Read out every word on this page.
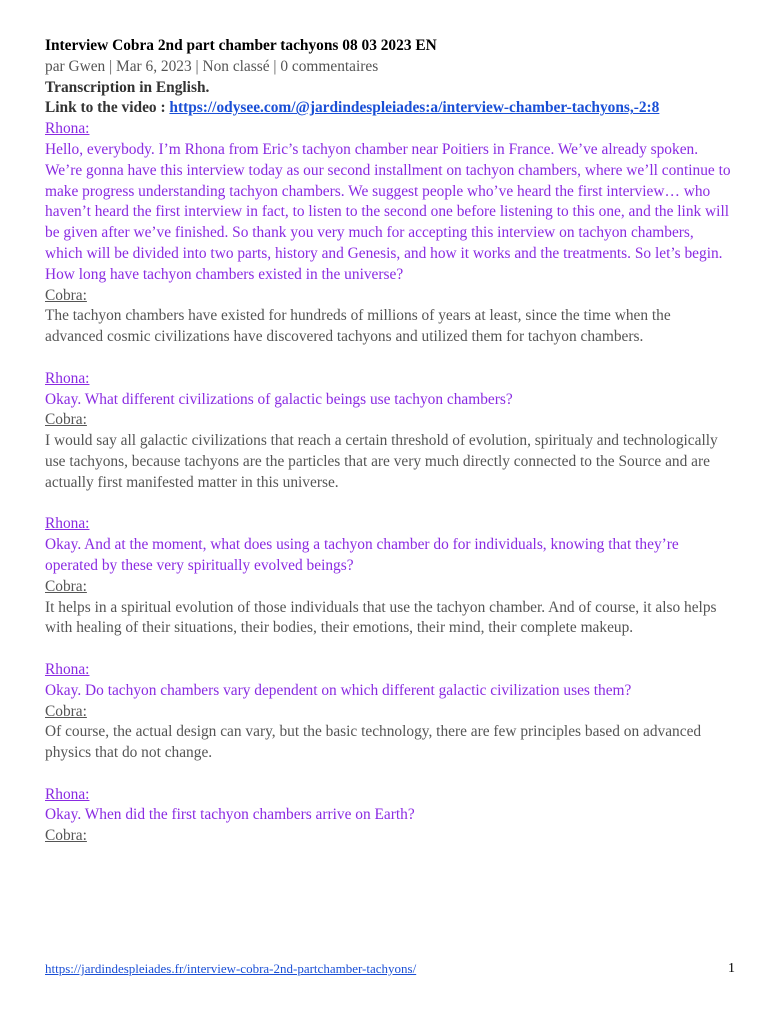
Interview Cobra 2nd part chamber tachyons 08 03 2023 EN

par Gwen | Mar 6, 2023 | Non classé | 0 commentaires

Transcription in English.

Link to the video : https://odysee.com/@jardindespleiades:a/interview-chamber-tachyons,-2:8

Rhona:

Hello, everybody. I’m Rhona from Eric’s tachyon chamber near Poitiers in France. We’ve already spoken. We’re gonna have this interview today as our second installment on tachyon chambers, where we’ll continue to make progress understanding tachyon chambers. We suggest people who’ve heard the first interview… who haven’t heard the first interview in fact, to listen to the second one before listening to this one, and the link will be given after we’ve finished. So thank you very much for accepting this interview on tachyon chambers, which will be divided into two parts, history and Genesis, and how it works and the treatments. So let’s begin. How long have tachyon chambers existed in the universe?

Cobra:

The tachyon chambers have existed for hundreds of millions of years at least, since the time when the advanced cosmic civilizations have discovered tachyons and utilized them for tachyon chambers.

Rhona:

Okay. What different civilizations of galactic beings use tachyon chambers?

Cobra:

I would say all galactic civilizations that reach a certain threshold of evolution, spiritualy and technologically use tachyons, because tachyons are the particles that are very much directly connected to the Source and are actually first manifested matter in this universe.

Rhona:

Okay. And at the moment, what does using a tachyon chamber do for individuals, knowing that they’re operated by these very spiritually evolved beings?

Cobra:

It helps in a spiritual evolution of those individuals that use the tachyon chamber. And of course, it also helps with healing of their situations, their bodies, their emotions, their mind, their complete makeup.

Rhona:

Okay. Do tachyon chambers vary dependent on which different galactic civilization uses them?

Cobra:

Of course, the actual design can vary, but the basic technology, there are few principles based on advanced physics that do not change.

Rhona:

Okay. When did the first tachyon chambers arrive on Earth?

Cobra:

https://jardindespleiades.fr/interview-cobra-2nd-partchamber-tachyons/	1
